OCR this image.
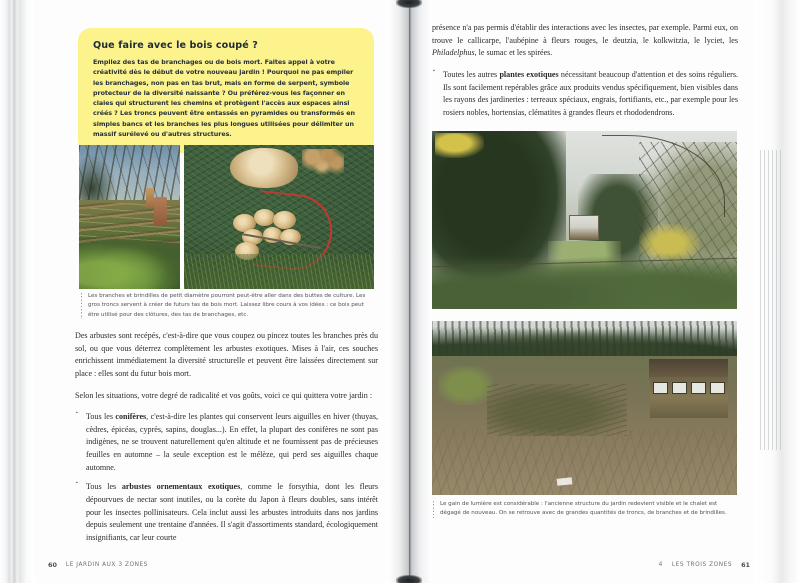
Que faire avec le bois coupé ?

Empilez des tas de branchages ou de bois mort. Faites appel à votre créativité dès le début de votre nouveau jardin ! Pourquoi ne pas empiler les branchages, non pas en tas brut, mais en forme de serpent, symbole protecteur de la diversité naissante ? Ou préférez-vous les façonner en claies qui structurent les chemins et protègent l'accès aux espaces ainsi créés ? Les troncs peuvent être entassés en pyramides ou transformés en simples bancs et les branches les plus longues utilisées pour délimiter un massif surélevé ou d'autres structures.

Les branches et brindilles de petit diamètre pourront peut-être aller dans des buttes de culture. Les gros troncs servent à créer de futurs tas de bois mort. Laissez libre cours à vos idées : ce bois peut être utilisé pour des clôtures, des tas de branchages, etc.

Des arbustes sont recépés, c'est-à-dire que vous coupez ou pincez toutes les branches près du sol, ou que vous déterrez complètement les arbustes exotiques. Mises à l'air, ces souches enrichissent immédiatement la diversité structurelle et peuvent être laissées directement sur place : elles sont du futur bois mort.

Selon les situations, votre degré de radicalité et vos goûts, voici ce qui quittera votre jardin :

▪ Tous les conifères, c'est-à-dire les plantes qui conservent leurs aiguilles en hiver (thuyas, cèdres, épicéas, cyprès, sapins, douglas...). En effet, la plupart des conifères ne sont pas indigènes, ne se trouvent naturellement qu'en altitude et ne fournissent pas de précieuses feuilles en automne – la seule exception est le mélèze, qui perd ses aiguilles chaque automne.
▪ Tous les arbustes ornementaux exotiques, comme le forsythia, dont les fleurs dépourvues de nectar sont inutiles, ou la corète du Japon à fleurs doubles, sans intérêt pour les insectes pollinisateurs. Cela inclut aussi les arbustes introduits dans nos jardins depuis seulement une trentaine d'années. Il s'agit d'assortiments standard, écologiquement insignifiants, car leur courte
60 LE JARDIN AUX 3 ZONES

présence n'a pas permis d'établir des interactions avec les insectes, par exemple. Parmi eux, on trouve le callicarpe, l'aubépine à fleurs rouges, le deutzia, le kolkwitzia, le lyciet, les Philadelphus, le sumac et les spirées.

▪ Toutes les autres plantes exotiques nécessitant beaucoup d'attention et des soins réguliers. Ils sont facilement repérables grâce aux produits vendus spécifiquement, bien visibles dans les rayons des jardineries : terreaux spéciaux, engrais, fortifiants, etc., par exemple pour les rosiers nobles, hortensias, clématites à grandes fleurs et rhododendrons.
Le gain de lumière est considérable : l'ancienne structure du jardin redevient visible et le chalet est dégagé de nouveau. On se retrouve avec de grandes quantités de troncs, de branches et de brindilles.
4 LES TROIS ZONES 61
